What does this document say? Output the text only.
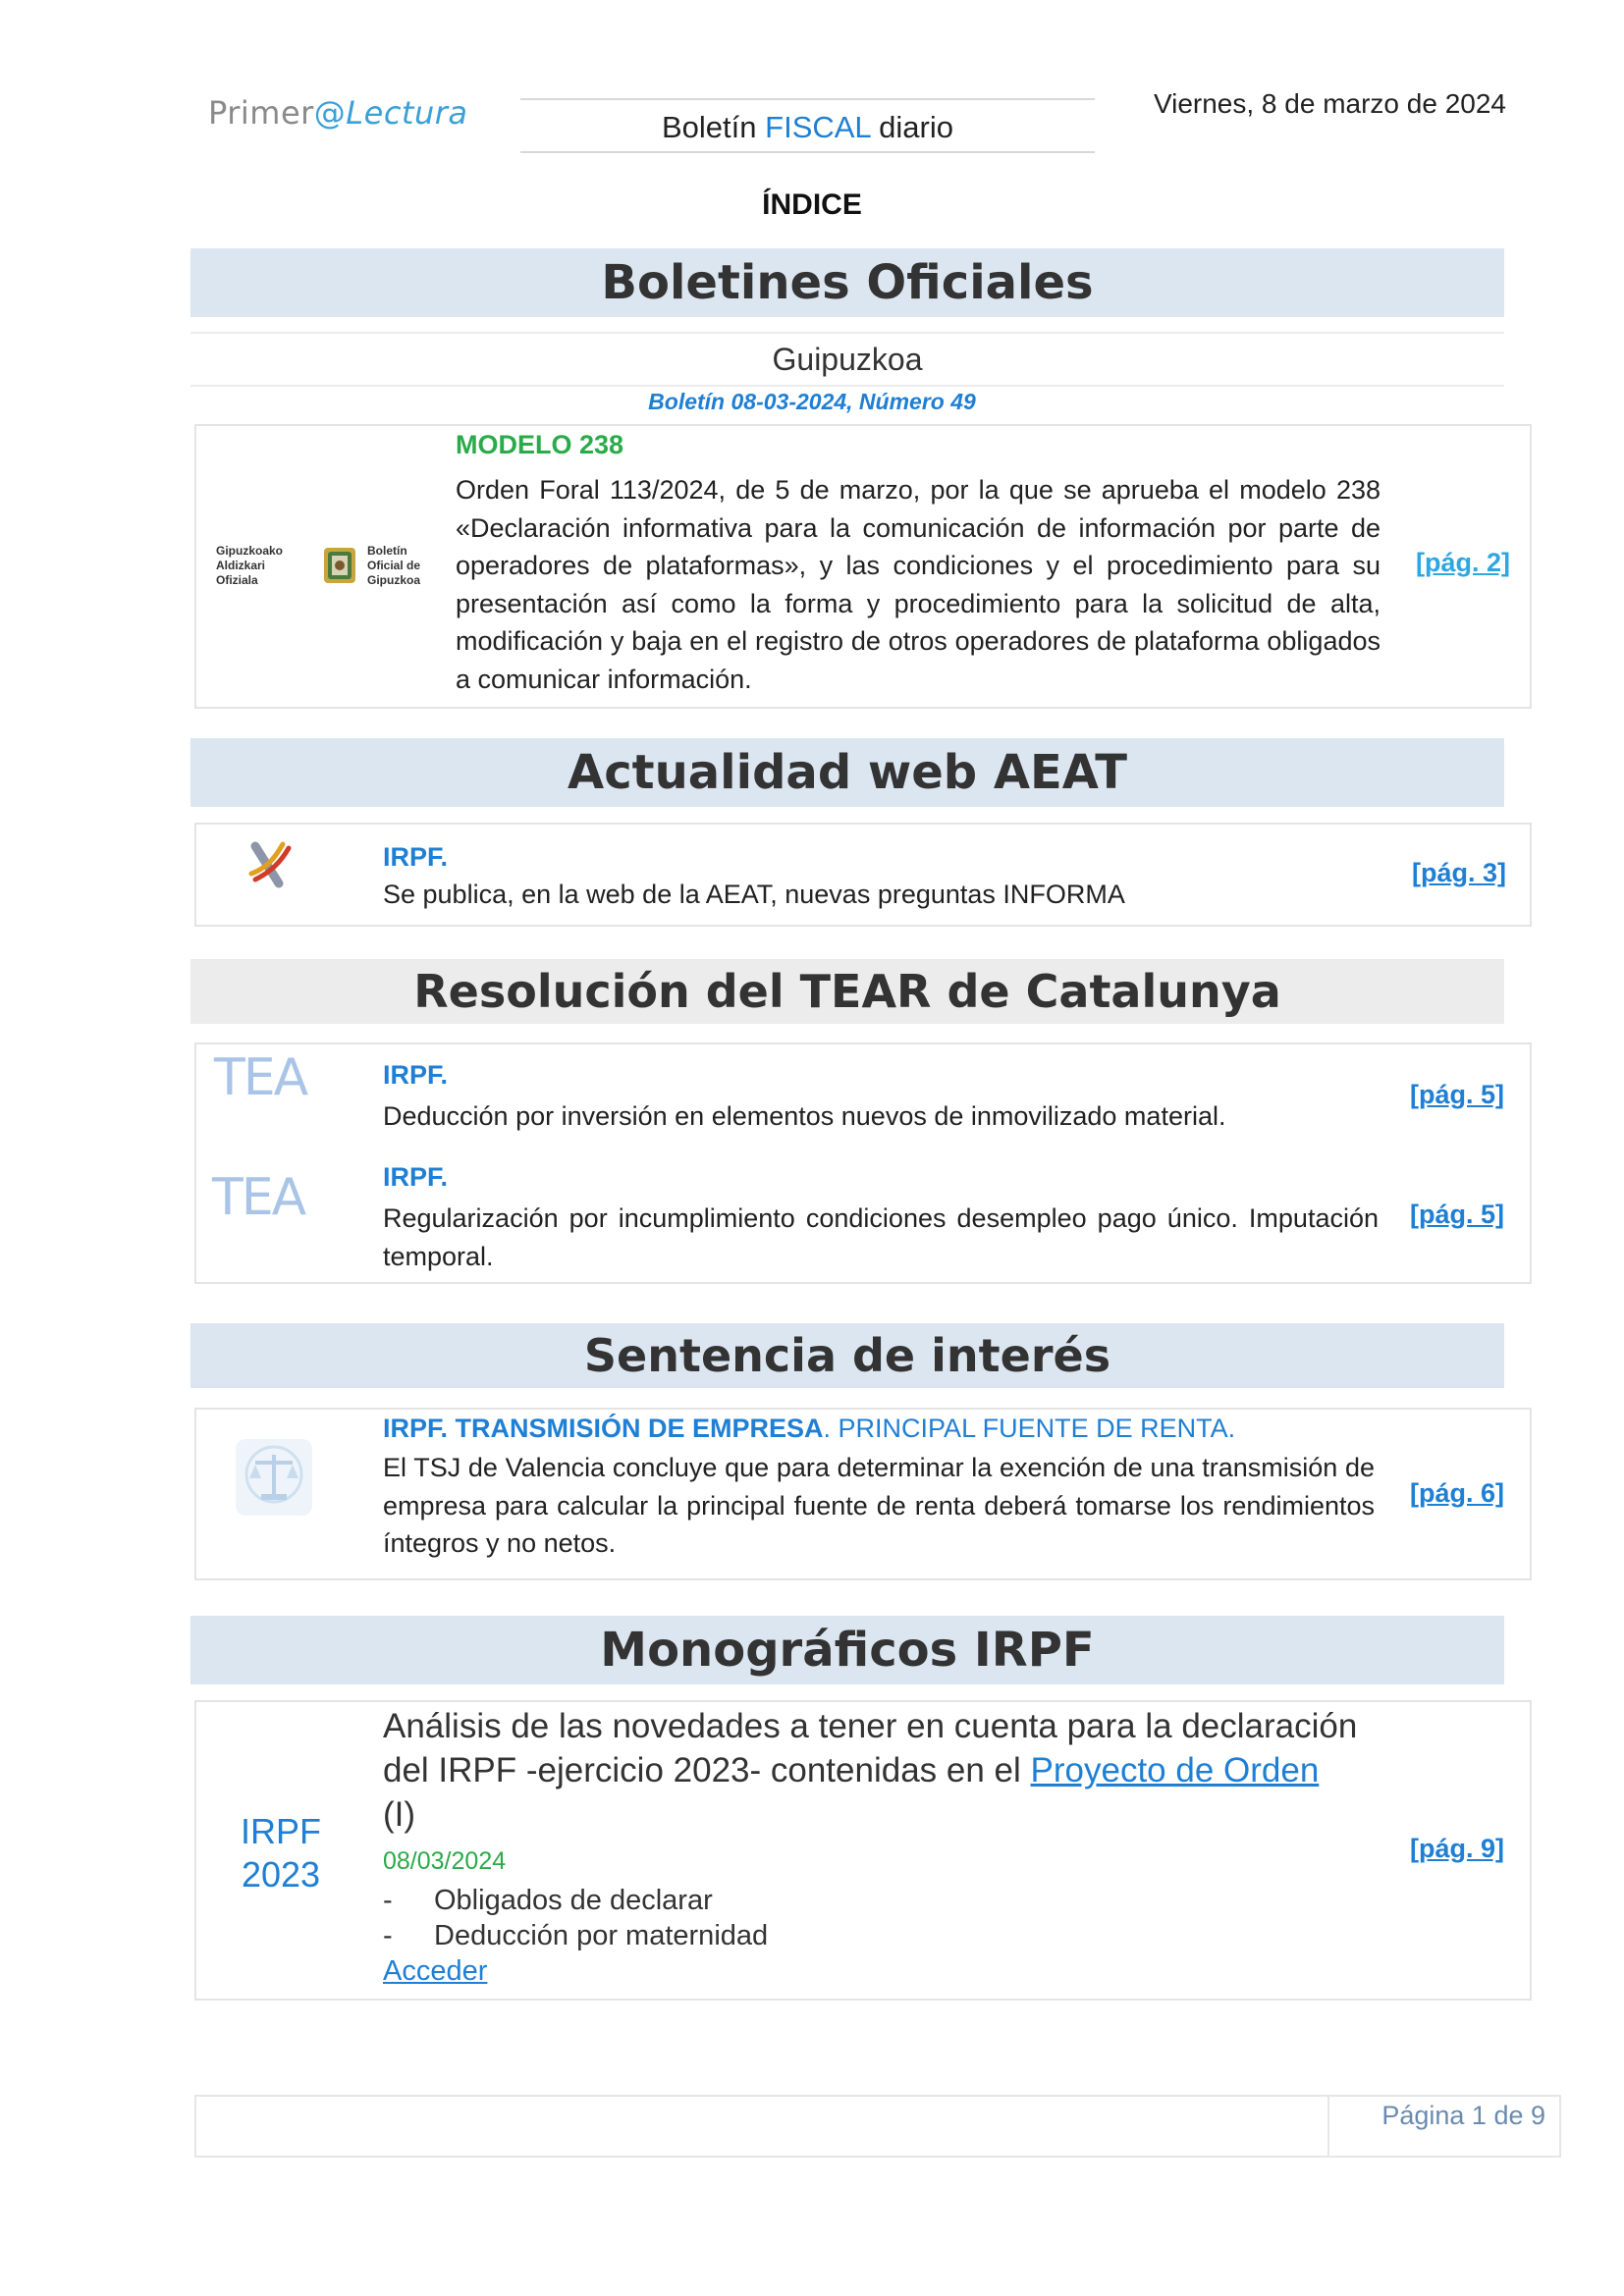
Primer@Lectura	Boletín FISCAL diario
Viernes, 8 de marzo de 2024
ÍNDICE
Boletines Oficiales
Guipuzkoa
Boletín 08-03-2024, Número 49
Gipuzkoako
Aldizkari
Ofiziala
Boletín
Oficial de
Gipuzkoa
MODELO 238
Orden Foral 113/2024, de 5 de marzo, por la que se aprueba el modelo 238 «Declaración informativa para la comunicación de información por parte de operadores de plataformas», y las condiciones y el procedimiento para su presentación así como la forma y procedimiento para la solicitud de alta, modificación y baja en el registro de otros operadores de plataforma obligados a comunicar información.
[pág. 2]
Actualidad web AEAT
IRPF.
Se publica, en la web de la AEAT, nuevas preguntas INFORMA
[pág. 3]
Resolución del TEAR de Catalunya
TEA	IRPF.
Deducción por inversión en elementos nuevos de inmovilizado material.
[pág. 5]
TEA	IRPF.
Regularización por incumplimiento condiciones desempleo pago único. Imputación temporal.
[pág. 5]
Sentencia de interés
IRPF. TRANSMISIÓN DE EMPRESA. PRINCIPAL FUENTE DE RENTA.
El TSJ de Valencia concluye que para determinar la exención de una transmisión de empresa para calcular la principal fuente de renta deberá tomarse los rendimientos íntegros y no netos.
[pág. 6]
Monográficos IRPF
IRPF
2023
Análisis de las novedades a tener en cuenta para la declaración del IRPF -ejercicio 2023- contenidas en el Proyecto de Orden
(I)
08/03/2024
- Obligados de declarar
- Deducción por maternidad
Acceder
[pág. 9]
Página 1 de 9
